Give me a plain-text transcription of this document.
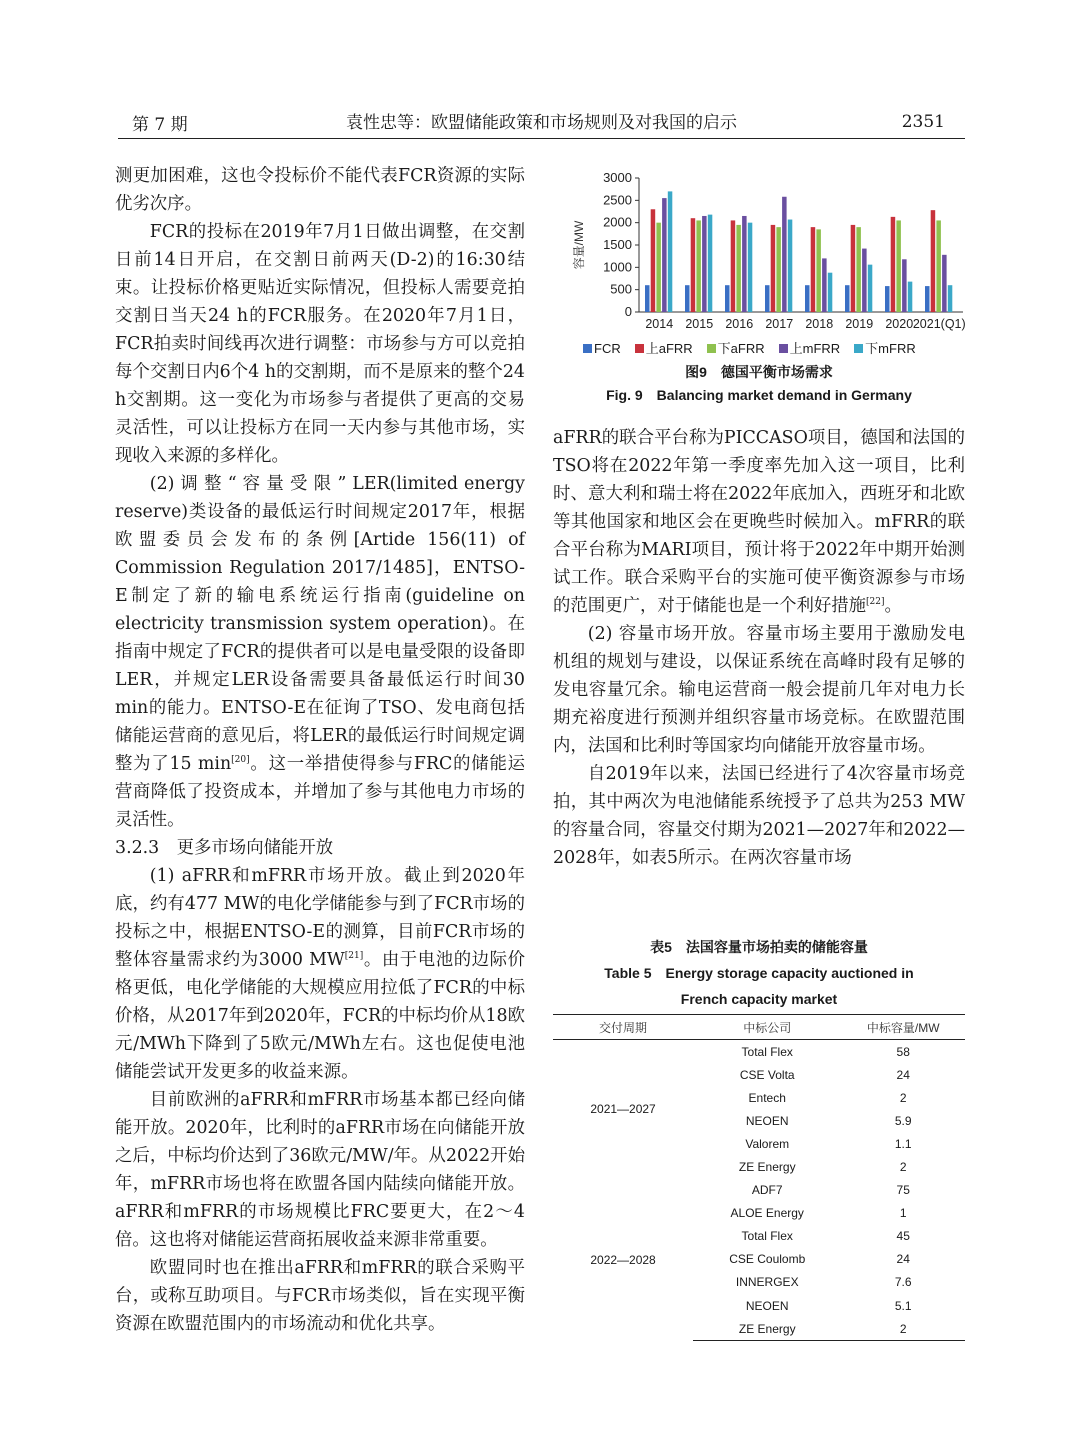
第 7 期	袁性忠等：欧盟储能政策和市场规则及对我国的启示	2351

测更加困难，这也令投标价不能代表FCR资源的实际优劣次序。

FCR的投标在2019年7月1日做出调整，在交割日前14日开启，在交割日前两天(D-2)的16:30结束。让投标价格更贴近实际情况，但投标人需要竞拍交割日当天24 h的FCR服务。在2020年7月1日，FCR拍卖时间线再次进行调整：市场参与方可以竞拍每个交割日内6个4 h的交割期，而不是原来的整个24 h交割期。这一变化为市场参与者提供了更高的交易灵活性，可以让投标方在同一天内参与其他市场，实现收入来源的多样化。

(2) 调 整 “ 容 量 受 限 ” LER(limited energy reserve)类设备的最低运行时间规定2017年，根据欧盟委员会发布的条例[Artide 156(11) of Commission Regulation 2017/1485]，ENTSO-E制定了新的输电系统运行指南(guideline on electricity transmission system operation)。在指南中规定了FCR的提供者可以是电量受限的设备即LER，并规定LER设备需要具备最低运行时间30 min的能力。ENTSO-E在征询了TSO、发电商包括储能运营商的意见后，将LER的最低运行时间规定调整为了15 min[20]。这一举措使得参与FRC的储能运营商降低了投资成本，并增加了参与其他电力市场的灵活性。

3.2.3　更多市场向储能开放

(1) aFRR和mFRR市场开放。截止到2020年底，约有477 MW的电化学储能参与到了FCR市场的投标之中，根据ENTSO-E的测算，目前FCR市场的整体容量需求约为3000 MW[21]。由于电池的边际价格更低，电化学储能的大规模应用拉低了FCR的中标价格，从2017年到2020年，FCR的中标均价从18欧元/MWh下降到了5欧元/MWh左右。这也促使电池储能尝试开发更多的收益来源。

目前欧洲的aFRR和mFRR市场基本都已经向储能开放。2020年，比利时的aFRR市场在向储能开放之后，中标均价达到了36欧元/MW/年。从2022开始年，mFRR市场也将在欧盟各国内陆续向储能开放。aFRR和mFRR的市场规模比FRC要更大，在2～4倍。这也将对储能运营商拓展收益来源非常重要。

欧盟同时也在推出aFRR和mFRR的联合采购平台，或称互助项目。与FCR市场类似，旨在实现平衡资源在欧盟范围内的市场流动和优化共享。

0
500
1000
1500
2000
2500
3000
容量/MW
2014 2015 2016 2017 2018 2019 2020 2021(Q1)
FCR 上aFRR 下aFRR 上mFRR 下mFRR
图9　德国平衡市场需求
Fig. 9　Balancing market demand in Germany

aFRR的联合平台称为PICCASO项目，德国和法国的TSO将在2022年第一季度率先加入这一项目，比利时、意大利和瑞士将在2022年底加入，西班牙和北欧等其他国家和地区会在更晚些时候加入。mFRR的联合平台称为MARI项目，预计将于2022年中期开始测试工作。联合采购平台的实施可使平衡资源参与市场的范围更广，对于储能也是一个利好措施[22]。

(2) 容量市场开放。容量市场主要用于激励发电机组的规划与建设，以保证系统在高峰时段有足够的发电容量冗余。输电运营商一般会提前几年对电力长期充裕度进行预测并组织容量市场竞标。在欧盟范围内，法国和比利时等国家均向储能开放容量市场。

自2019年以来，法国已经进行了4次容量市场竞拍，其中两次为电池储能系统授予了总共为253 MW的容量合同，容量交付期为2021—2027年和2022—2028年，如表5所示。在两次容量市场

表5　法国容量市场拍卖的储能容量
Table 5　Energy storage capacity auctioned in
French capacity market
交付周期	中标公司	中标容量/MW
2021—2027	Total Flex	58
	CSE Volta	24
	Entech	2
	NEOEN	5.9
	Valorem	1.1
	ZE Energy	2
2022—2028	ADF7	75
	ALOE Energy	1
	Total Flex	45
	CSE Coulomb	24
	INNERGEX	7.6
	NEOEN	5.1
	ZE Energy	2
